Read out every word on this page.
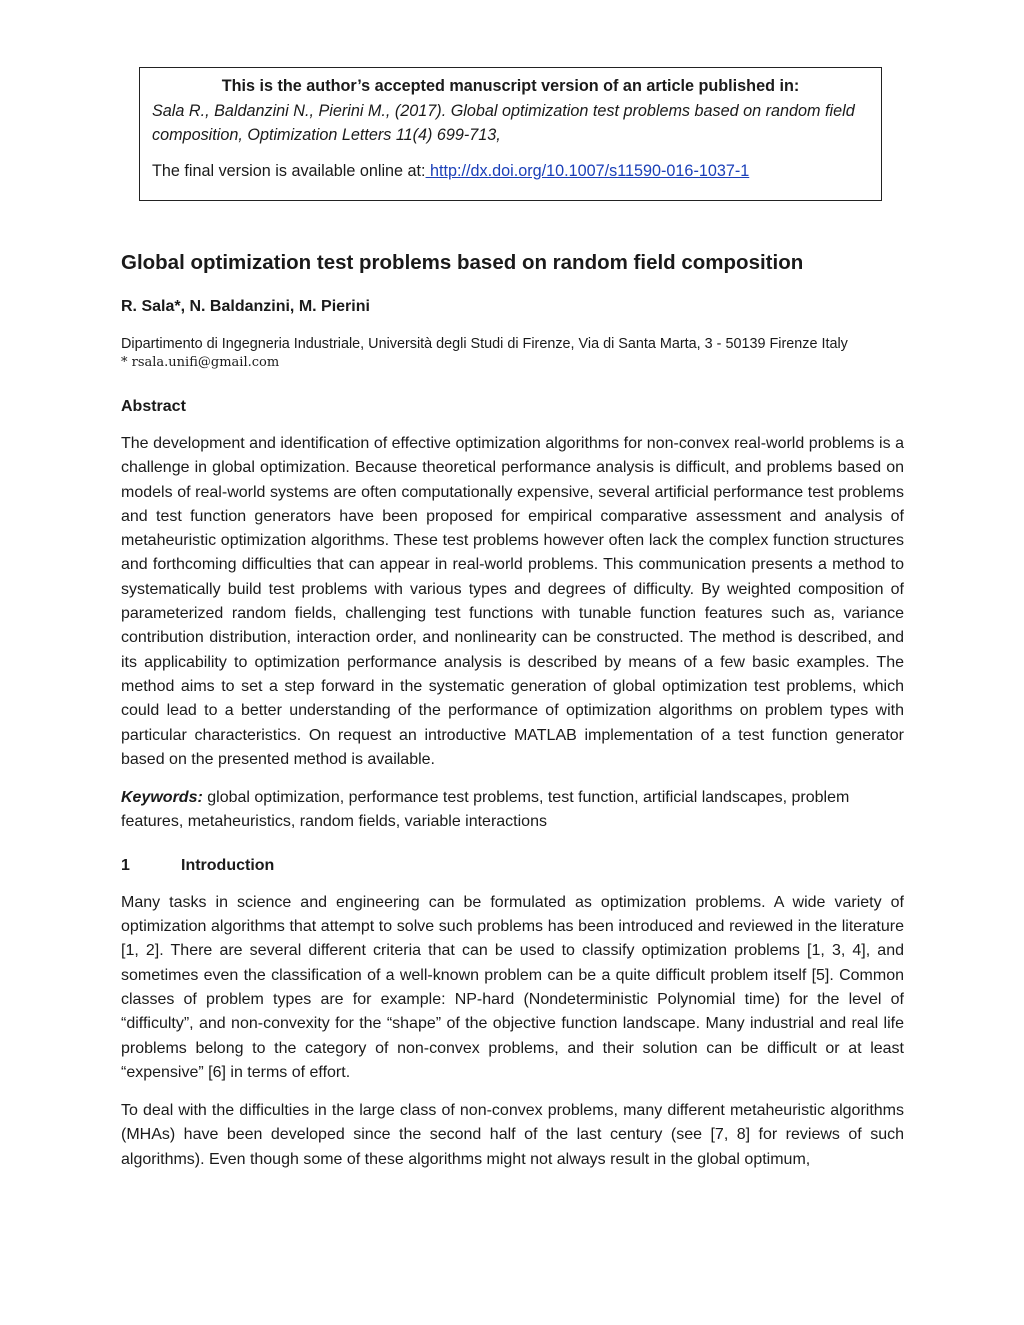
This is the author’s accepted manuscript version of an article published in:
Sala R., Baldanzini N., Pierini M., (2017). Global optimization test problems based on random field composition, Optimization Letters 11(4) 699-713,
The final version is available online at: http://dx.doi.org/10.1007/s11590-016-1037-1
Global optimization test problems based on random field composition
R. Sala*, N. Baldanzini, M. Pierini
Dipartimento di Ingegneria Industriale, Università degli Studi di Firenze, Via di Santa Marta, 3 - 50139 Firenze Italy
* rsala.unifi@gmail.com
Abstract
The development and identification of effective optimization algorithms for non-convex real-world problems is a challenge in global optimization. Because theoretical performance analysis is difficult, and problems based on models of real-world systems are often computationally expensive, several artificial performance test problems and test function generators have been proposed for empirical comparative assessment and analysis of metaheuristic optimization algorithms. These test problems however often lack the complex function structures and forthcoming difficulties that can appear in real-world problems. This communication presents a method to systematically build test problems with various types and degrees of difficulty. By weighted composition of parameterized random fields, challenging test functions with tunable function features such as, variance contribution distribution, interaction order, and nonlinearity can be constructed. The method is described, and its applicability to optimization performance analysis is described by means of a few basic examples. The method aims to set a step forward in the systematic generation of global optimization test problems, which could lead to a better understanding of the performance of optimization algorithms on problem types with particular characteristics. On request an introductive MATLAB implementation of a test function generator based on the presented method is available.
Keywords: global optimization, performance test problems, test function, artificial landscapes, problem features, metaheuristics, random fields, variable interactions
1	Introduction
Many tasks in science and engineering can be formulated as optimization problems. A wide variety of optimization algorithms that attempt to solve such problems has been introduced and reviewed in the literature [1, 2]. There are several different criteria that can be used to classify optimization problems [1, 3, 4], and sometimes even the classification of a well-known problem can be a quite difficult problem itself [5]. Common classes of problem types are for example: NP-hard (Nondeterministic Polynomial time) for the level of “difficulty”, and non-convexity for the “shape” of the objective function landscape. Many industrial and real life problems belong to the category of non-convex problems, and their solution can be difficult or at least “expensive” [6] in terms of effort.
To deal with the difficulties in the large class of non-convex problems, many different metaheuristic algorithms (MHAs) have been developed since the second half of the last century (see [7, 8] for reviews of such algorithms). Even though some of these algorithms might not always result in the global optimum,
